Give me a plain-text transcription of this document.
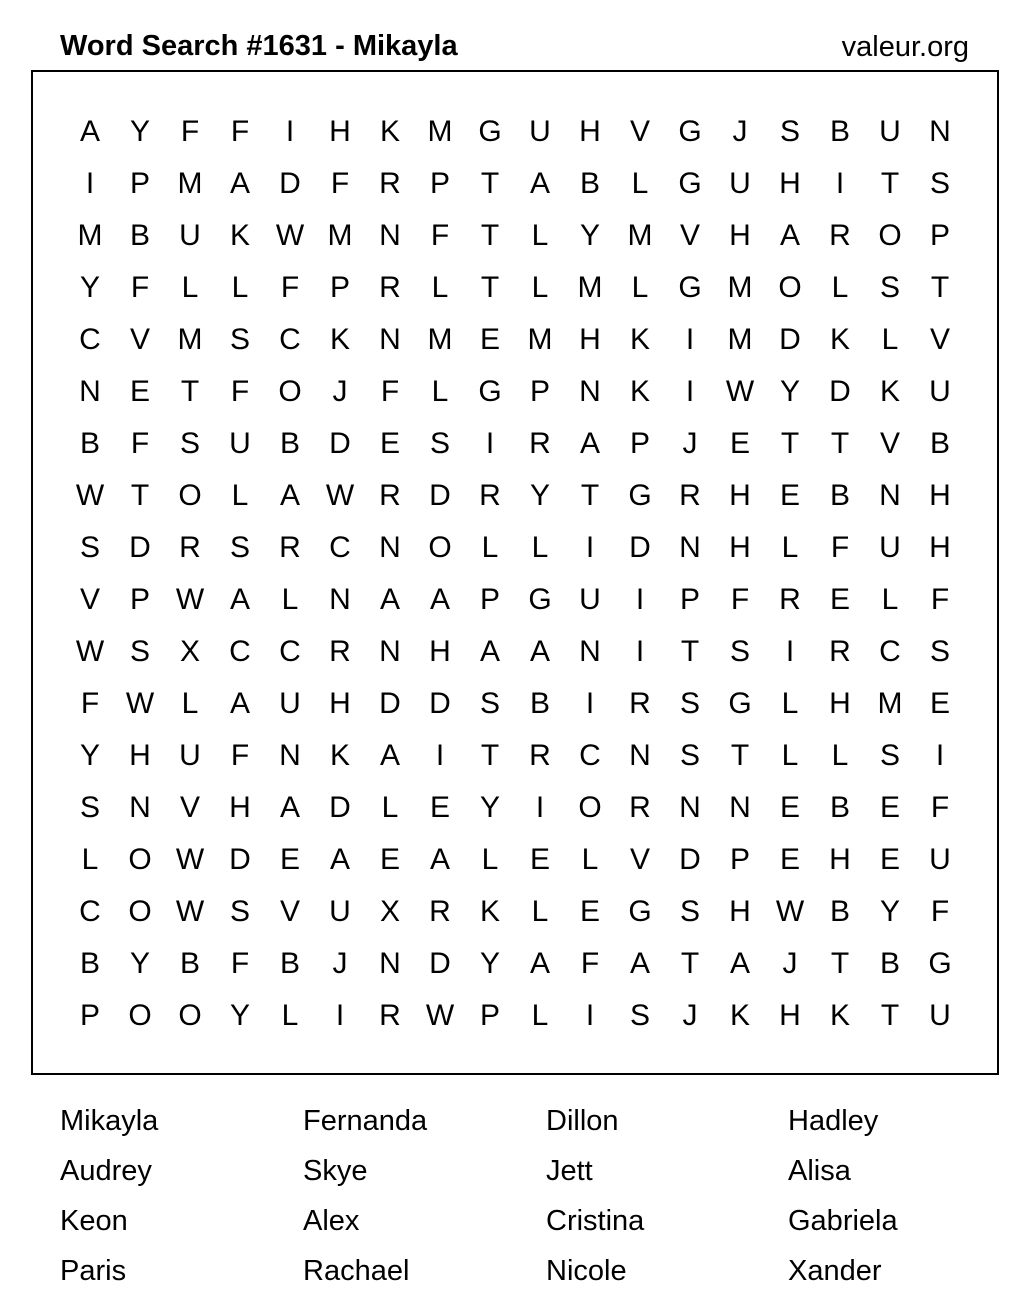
Word Search #1631 - Mikayla	valeur.org
A Y	F	F	I	H K M G U H V G	J	S B U N
I	P M A D	F	R P	T	A B	L G U H	I	T	S
M B U K W M N	F	T	L	Y M V H A R O P
Y	F	L	L	F	P R	L	T	L M L G M O L	S	T
C V M S C K N M E M H K	I	M D K	L	V
N E	T	F O	J	F	L G P N K	I	W Y D K U
B	F	S U B D E S	I	R A P	J	E	T	T	V B
W T O L	A W R D R Y	T G R H E B N H
S D R S R C N O L	L	I	D N H	L	F	U H
V P W A	L	N A A P G U	I	P	F	R E	L	F
W S X C C R N H A A N	I	T	S	I	R C S
F W L	A U H D D S B	I	R S G L	H M E
Y H U	F	N K A	I	T	R C N S	T	L	L	S	I
S N V H A D	L	E Y	I	O R N N E B E	F
L O W D E A E A	L	E	L	V D P E H E U
C O W S V U X R K	L	E G S H W B Y	F
B Y B	F	B	J	N D Y A	F	A	T	A	J	T	B G
P O O Y	L	I	R W P	L	I	S	J	K H K	T	U
Mikayla	Fernanda	Dillon	Hadley
Audrey	Skye	Jett	Alisa
Keon	Alex	Cristina	Gabriela
Paris	Rachael	Nicole	Xander
